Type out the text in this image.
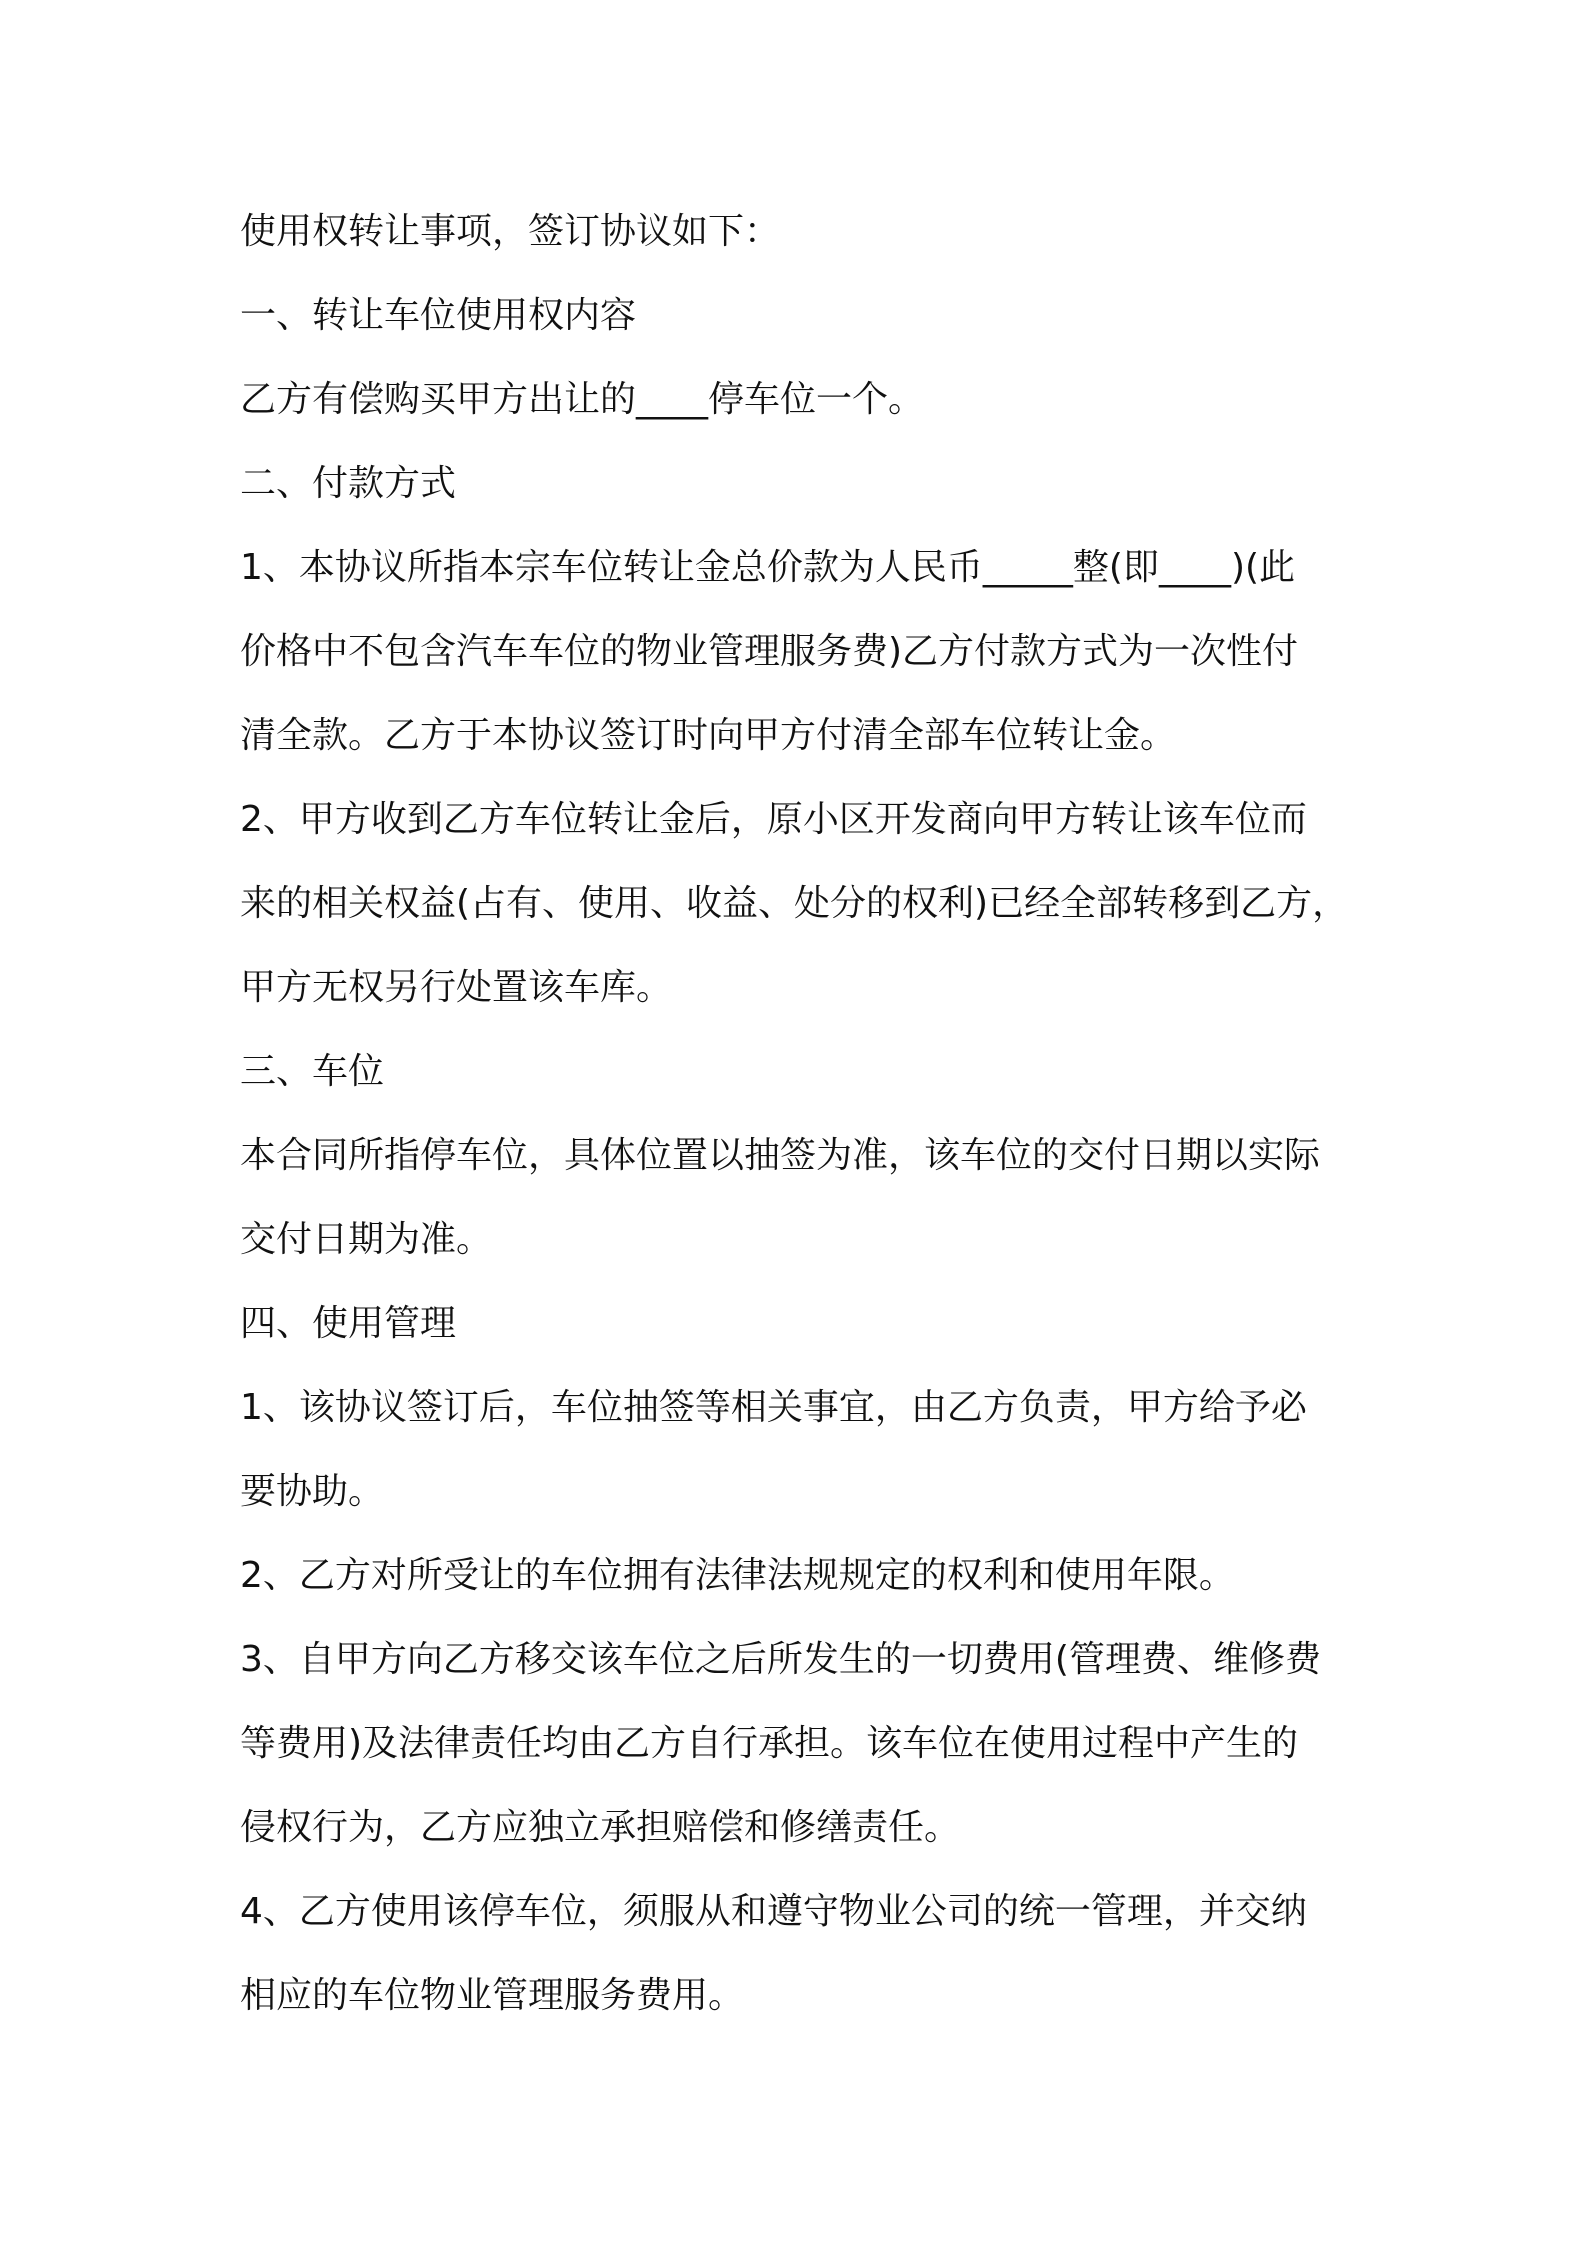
使用权转让事项，签订协议如下：
一、转让车位使用权内容
乙方有偿购买甲方出让的____停车位一个。
二、付款方式
1、本协议所指本宗车位转让金总价款为人民币_____整(即____)(此
价格中不包含汽车车位的物业管理服务费)乙方付款方式为一次性付
清全款。乙方于本协议签订时向甲方付清全部车位转让金。
2、甲方收到乙方车位转让金后，原小区开发商向甲方转让该车位而
来的相关权益(占有、使用、收益、处分的权利)已经全部转移到乙方，
甲方无权另行处置该车库。
三、车位
本合同所指停车位，具体位置以抽签为准，该车位的交付日期以实际
交付日期为准。
四、使用管理
1、该协议签订后，车位抽签等相关事宜，由乙方负责，甲方给予必
要协助。
2、乙方对所受让的车位拥有法律法规规定的权利和使用年限。
3、自甲方向乙方移交该车位之后所发生的一切费用(管理费、维修费
等费用)及法律责任均由乙方自行承担。该车位在使用过程中产生的
侵权行为，乙方应独立承担赔偿和修缮责任。
4、乙方使用该停车位，须服从和遵守物业公司的统一管理，并交纳
相应的车位物业管理服务费用。
